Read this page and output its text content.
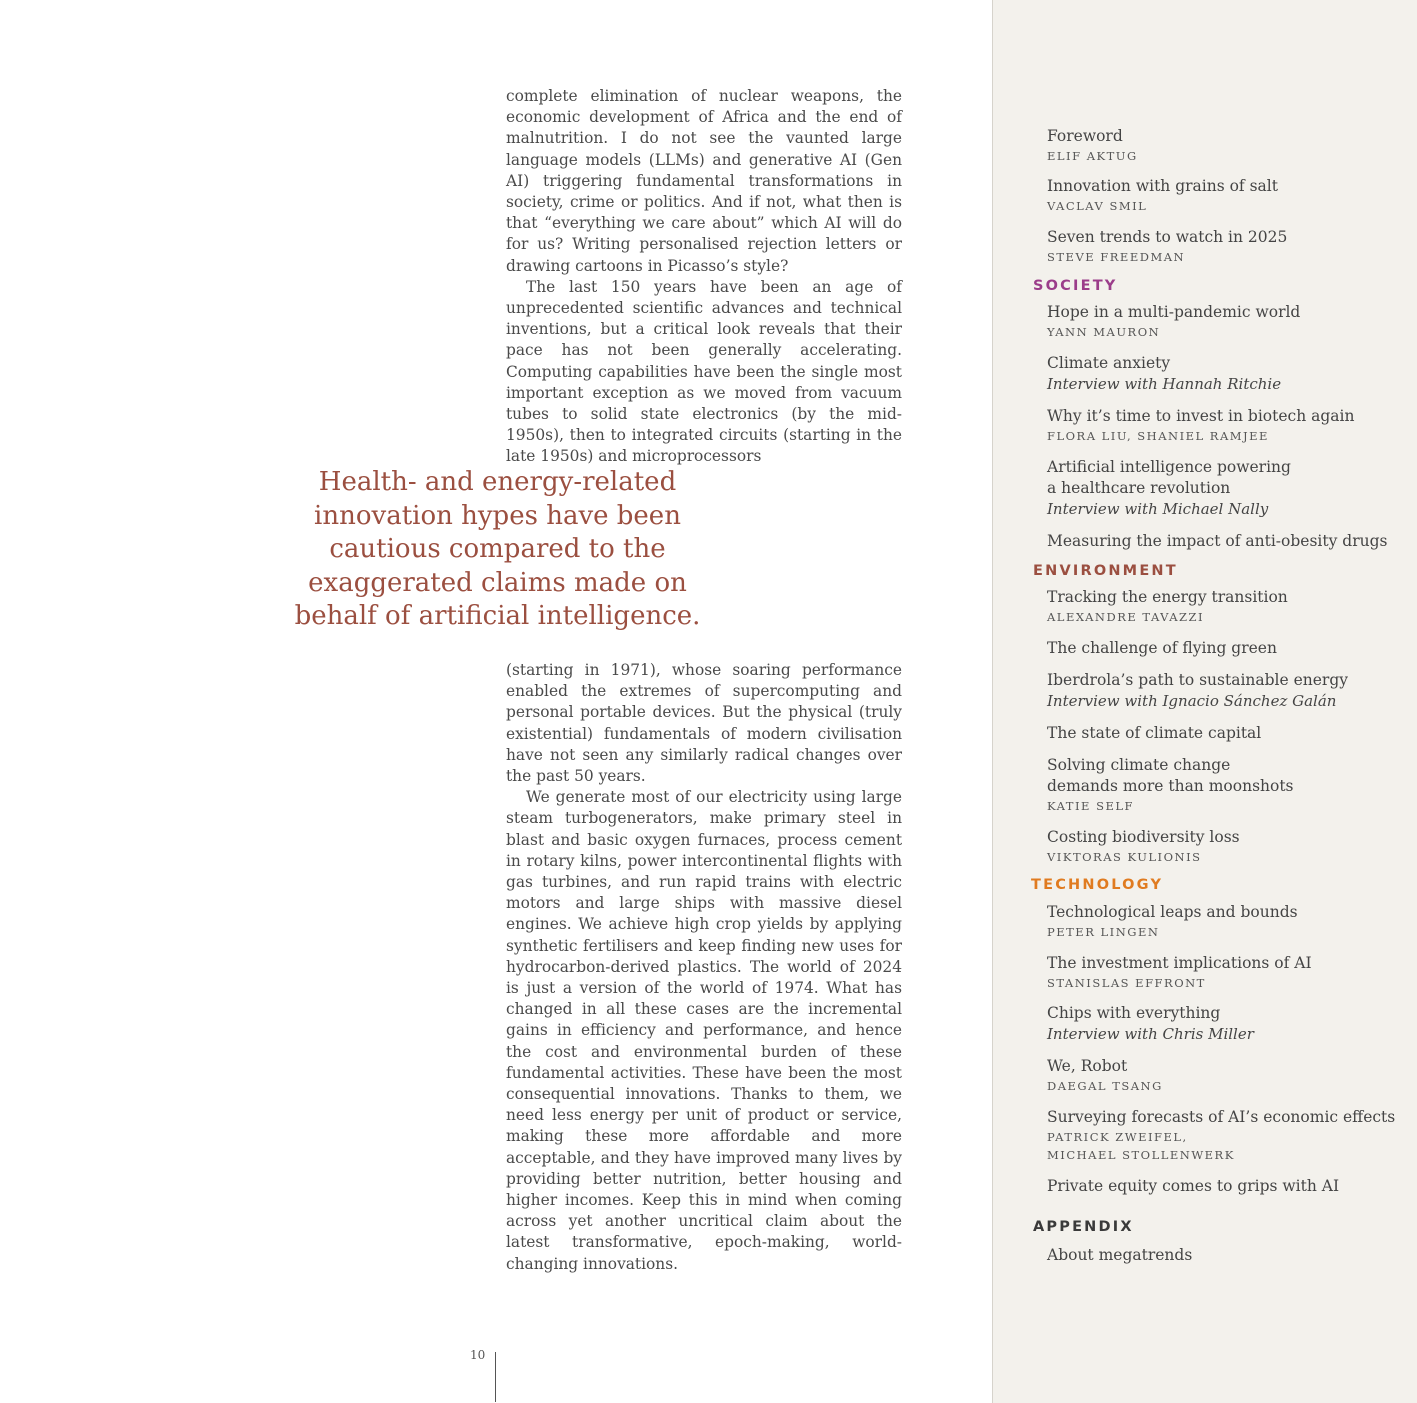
complete elimination of nuclear weapons, the economic development of Africa and the end of malnutrition. I do not see the vaunted large language models (LLMs) and generative AI (Gen AI) triggering fundamental transformations in society, crime or politics. And if not, what then is that “everything we care about” which AI will do for us? Writing personalised rejection letters or drawing cartoons in Picasso’s style?

The last 150 years have been an age of unprecedented scientific advances and technical inventions, but a critical look reveals that their pace has not been generally accelerating. Computing capabilities have been the single most important exception as we moved from vacuum tubes to solid state electronics (by the mid-1950s), then to integrated circuits (starting in the late 1950s) and microprocessors

Health- and energy-related innovation hypes have been cautious compared to the exaggerated claims made on behalf of artificial intelligence.

(starting in 1971), whose soaring performance enabled the extremes of supercomputing and personal portable devices. But the physical (truly existential) fundamentals of modern civilisation have not seen any similarly radical changes over the past 50 years.

We generate most of our electricity using large steam turbogenerators, make primary steel in blast and basic oxygen furnaces, process cement in rotary kilns, power intercontinental flights with gas turbines, and run rapid trains with electric motors and large ships with massive diesel engines. We achieve high crop yields by applying synthetic fertilisers and keep finding new uses for hydrocarbon-derived plastics. The world of 2024 is just a version of the world of 1974. What has changed in all these cases are the incremental gains in efficiency and performance, and hence the cost and environmental burden of these fundamental activities. These have been the most consequential innovations. Thanks to them, we need less energy per unit of product or service, making these more affordable and more acceptable, and they have improved many lives by providing better nutrition, better housing and higher incomes. Keep this in mind when coming across yet another uncritical claim about the latest transformative, epoch-making, world-changing innovations.

10
Foreword
ELIF AKTUG
Innovation with grains of salt
VACLAV SMIL
Seven trends to watch in 2025
STEVE FREEDMAN
SOCIETY
Hope in a multi-pandemic world
YANN MAURON
Climate anxiety
Interview with Hannah Ritchie
Why it’s time to invest in biotech again
FLORA LIU, SHANIEL RAMJEE
Artificial intelligence powering
a healthcare revolution
Interview with Michael Nally
Measuring the impact of anti-obesity drugs
ENVIRONMENT
Tracking the energy transition
ALEXANDRE TAVAZZI
The challenge of flying green
Iberdrola’s path to sustainable energy
Interview with Ignacio Sánchez Galán
The state of climate capital
Solving climate change
demands more than moonshots
KATIE SELF
Costing biodiversity loss
VIKTORAS KULIONIS
TECHNOLOGY
Technological leaps and bounds
PETER LINGEN
The investment implications of AI
STANISLAS EFFRONT
Chips with everything
Interview with Chris Miller
We, Robot
DAEGAL TSANG
Surveying forecasts of AI’s economic effects
PATRICK ZWEIFEL,
MICHAEL STOLLENWERK
Private equity comes to grips with AI
APPENDIX
About megatrends
